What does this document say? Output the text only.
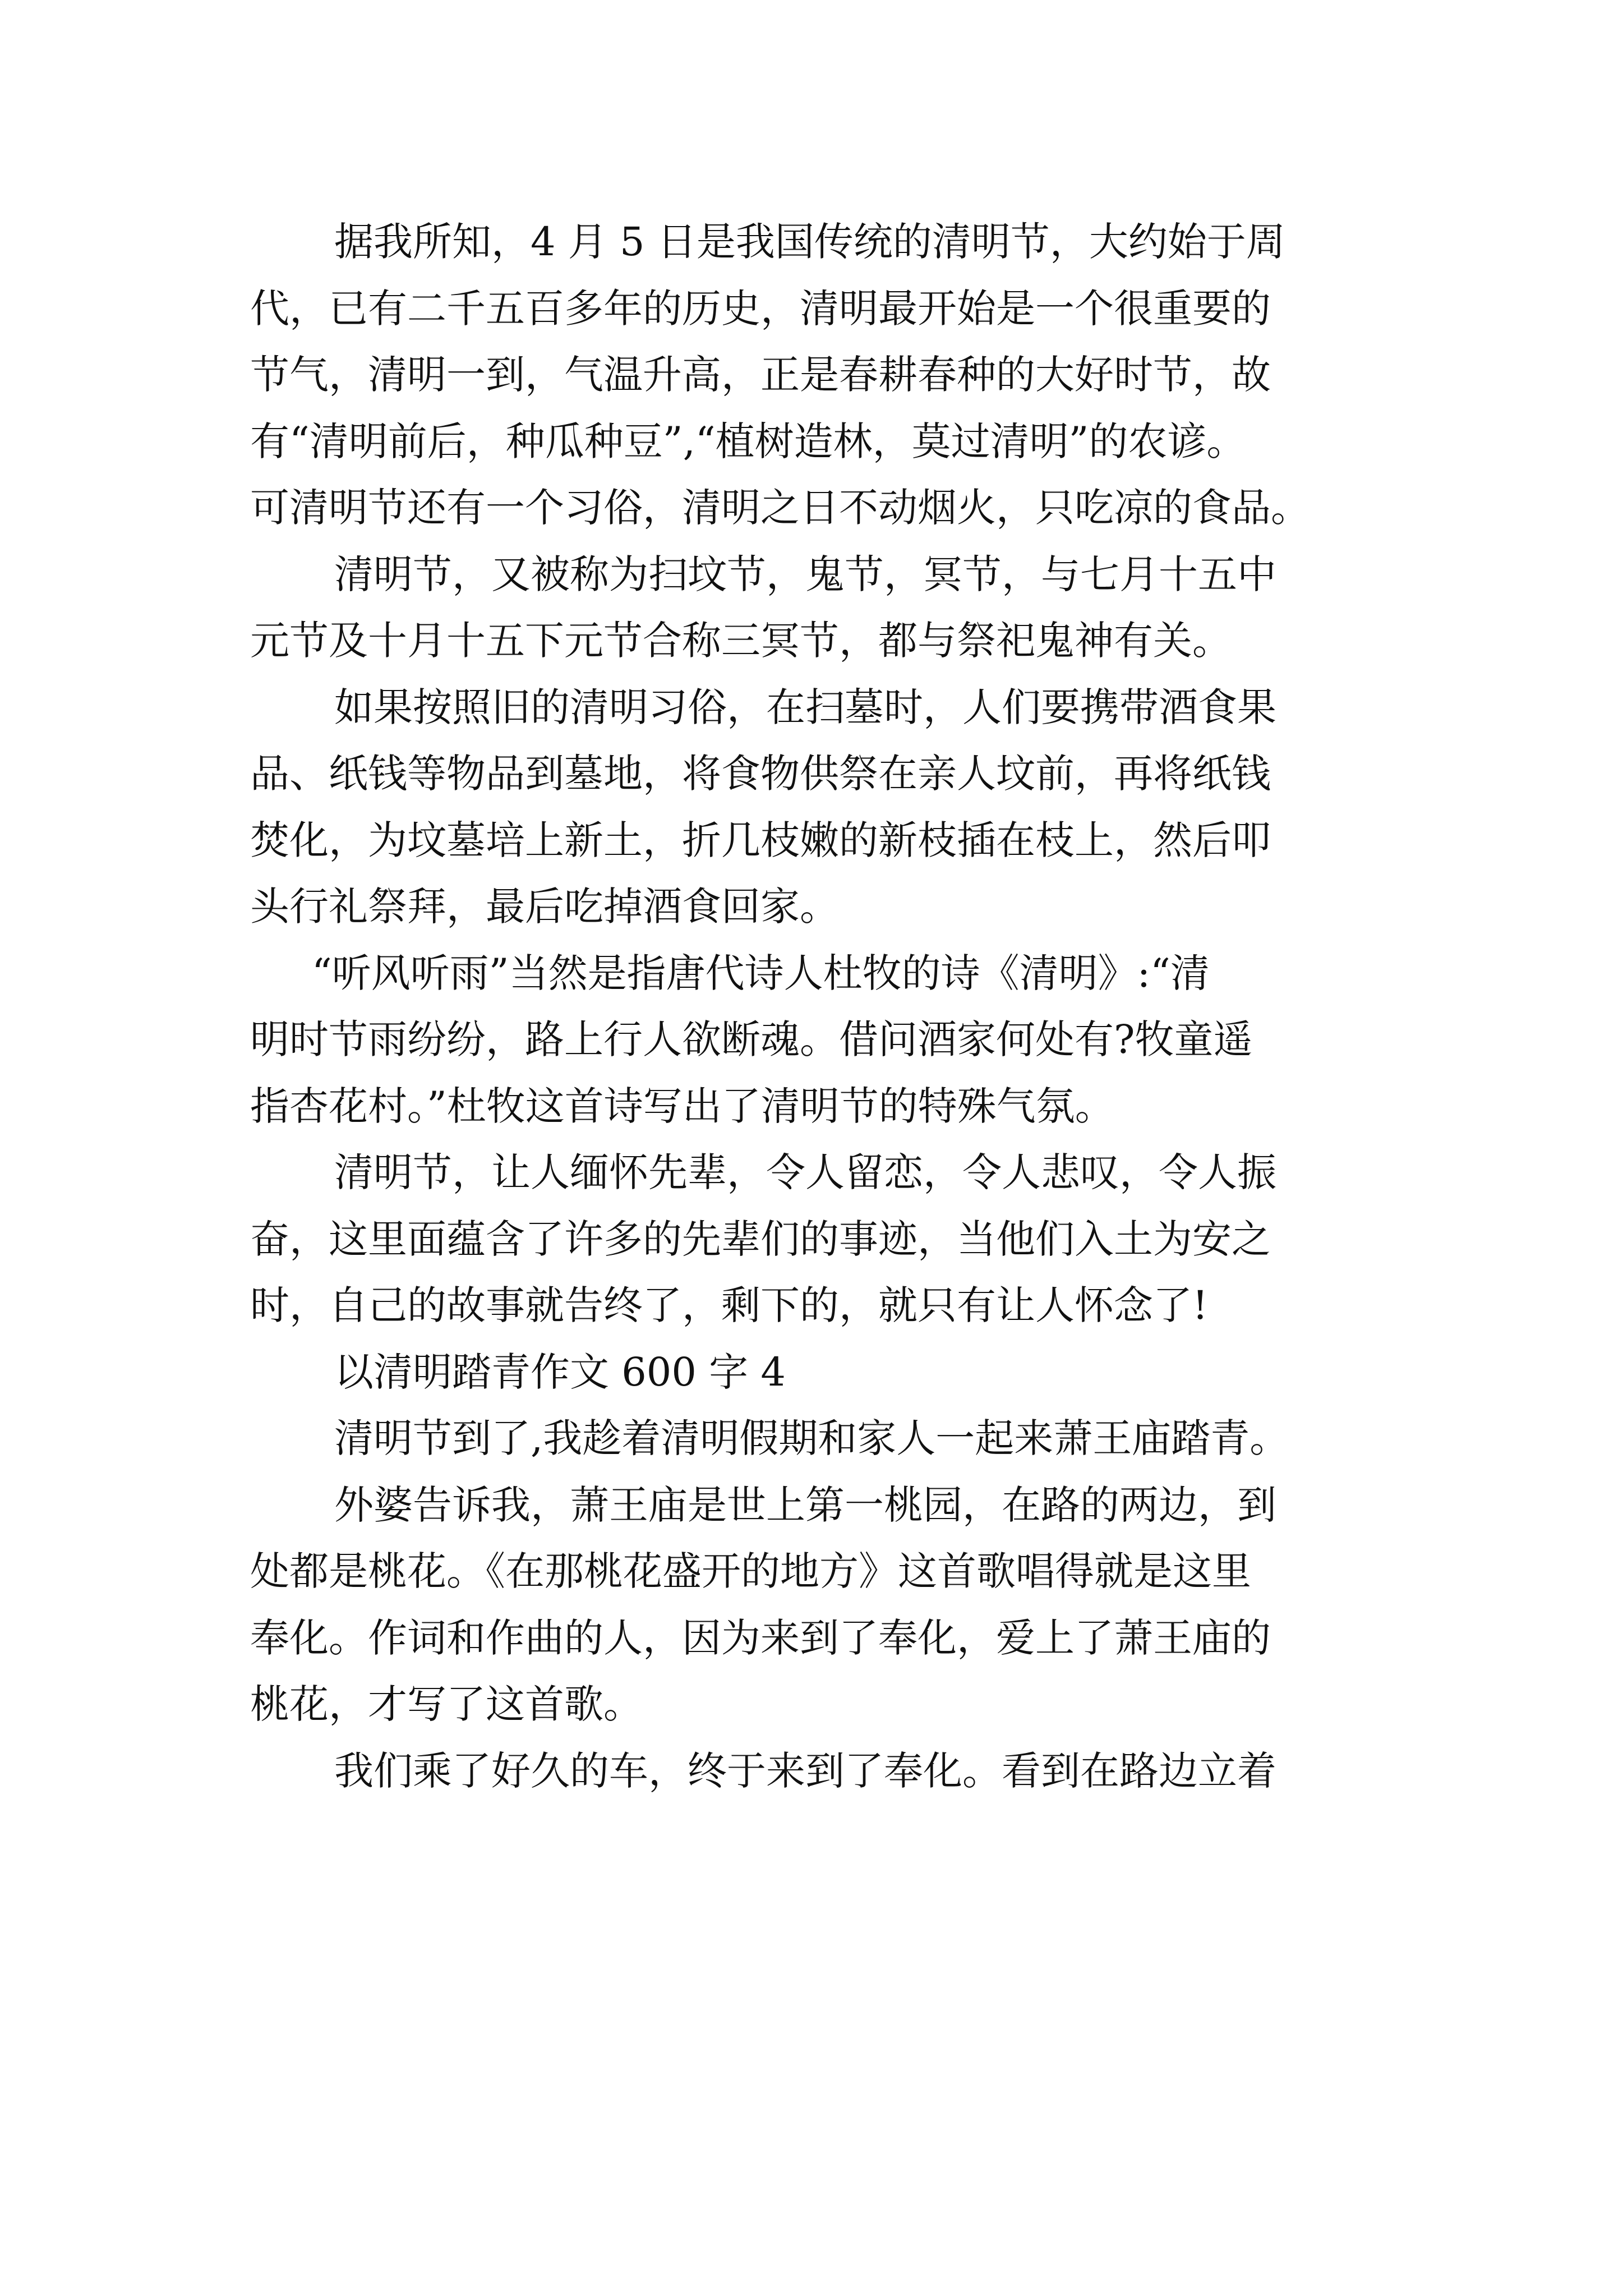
据我所知，4 月 5 日是我国传统的清明节，大约始于周
代，已有二千五百多年的历史，清明最开始是一个很重要的
节气，清明一到，气温升高，正是春耕春种的大好时节，故
有“清明前后，种瓜种豆”,“植树造林，莫过清明”的农谚。
可清明节还有一个习俗，清明之日不动烟火，只吃凉的食品。
清明节，又被称为扫坟节，鬼节，冥节，与七月十五中
元节及十月十五下元节合称三冥节，都与祭祀鬼神有关。
如果按照旧的清明习俗，在扫墓时，人们要携带酒食果
品、纸钱等物品到墓地，将食物供祭在亲人坟前，再将纸钱
焚化，为坟墓培上新土，折几枝嫩的新枝插在枝上，然后叩
头行礼祭拜，最后吃掉酒食回家。
“听风听雨”当然是指唐代诗人杜牧的诗《清明》:“清
明时节雨纷纷，路上行人欲断魂。借问酒家何处有?牧童遥
指杏花村。”杜牧这首诗写出了清明节的特殊气氛。
清明节，让人缅怀先辈，令人留恋，令人悲叹，令人振
奋，这里面蕴含了许多的先辈们的事迹，当他们入土为安之
时，自己的故事就告终了，剩下的，就只有让人怀念了!
以清明踏青作文 600 字 4
清明节到了,我趁着清明假期和家人一起来萧王庙踏青。
外婆告诉我，萧王庙是世上第一桃园，在路的两边，到
处都是桃花。《在那桃花盛开的地方》这首歌唱得就是这里
奉化。作词和作曲的人，因为来到了奉化，爱上了萧王庙的
桃花，才写了这首歌。
我们乘了好久的车，终于来到了奉化。看到在路边立着
